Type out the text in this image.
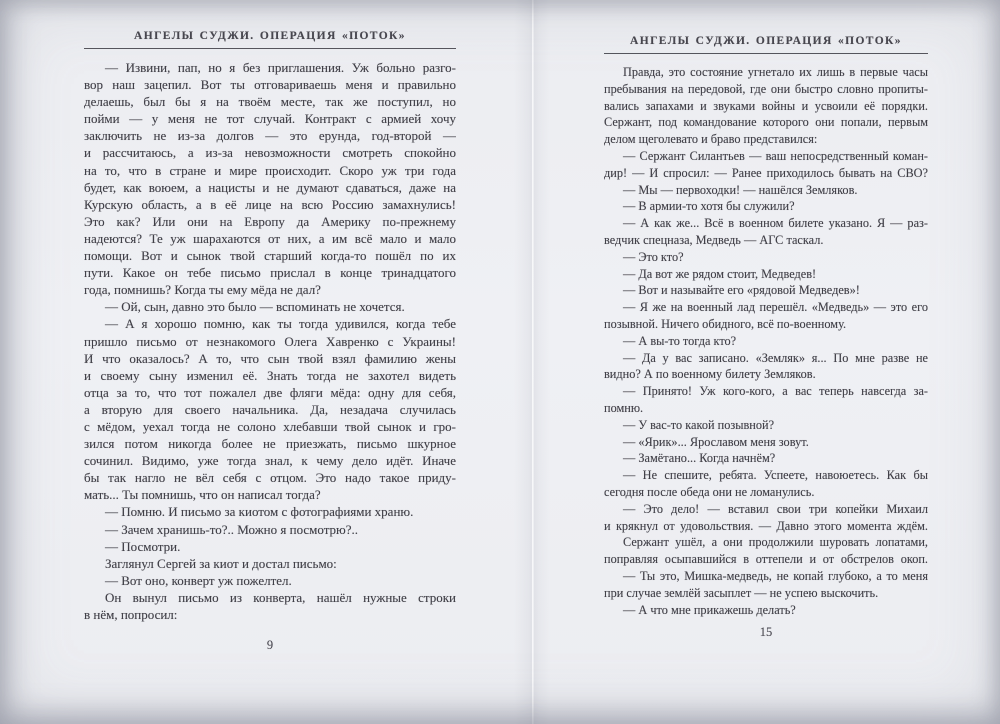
АНГЕЛЫ СУДЖИ. ОПЕРАЦИЯ «ПОТОК»
— Извини, пап, но я без приглашения. Уж больно разго-
вор наш зацепил. Вот ты отговариваешь меня и правильно
делаешь, был бы я на твоём месте, так же поступил, но
пойми — у меня не тот случай. Контракт с армией хочу
заключить не из-за долгов — это ерунда, год-второй —
и рассчитаюсь, а из-за невозможности смотреть спокойно
на то, что в стране и мире происходит. Скоро уж три года
будет, как воюем, а нацисты и не думают сдаваться, даже на
Курскую область, а в её лице на всю Россию замахнулись!
Это как? Или они на Европу да Америку по-прежнему
надеются? Те уж шарахаются от них, а им всё мало и мало
помощи. Вот и сынок твой старший когда-то пошёл по их
пути. Какое он тебе письмо прислал в конце тринадцатого
года, помнишь? Когда ты ему мёда не дал?
— Ой, сын, давно это было — вспоминать не хочется.
— А я хорошо помню, как ты тогда удивился, когда тебе
пришло письмо от незнакомого Олега Хавренко с Украины!
И что оказалось? А то, что сын твой взял фамилию жены
и своему сыну изменил её. Знать тогда не захотел видеть
отца за то, что тот пожалел две фляги мёда: одну для себя,
а вторую для своего начальника. Да, незадача случилась
с мёдом, уехал тогда не солоно хлебавши твой сынок и гро-
зился потом никогда более не приезжать, письмо шкурное
сочинил. Видимо, уже тогда знал, к чему дело идёт. Иначе
бы так нагло не вёл себя с отцом. Это надо такое приду-
мать... Ты помнишь, что он написал тогда?
— Помню. И письмо за киотом с фотографиями храню.
— Зачем хранишь-то?.. Можно я посмотрю?..
— Посмотри.
Заглянул Сергей за киот и достал письмо:
— Вот оно, конверт уж пожелтел.
Он вынул письмо из конверта, нашёл нужные строки
в нём, попросил:
9
АНГЕЛЫ СУДЖИ. ОПЕРАЦИЯ «ПОТОК»
Правда, это состояние угнетало их лишь в первые часы
пребывания на передовой, где они быстро словно пропиты-
вались запахами и звуками войны и усвоили её порядки.
Сержант, под командование которого они попали, первым
делом щеголевато и браво представился:
— Сержант Силантьев — ваш непосредственный коман-
дир! — И спросил: — Ранее приходилось бывать на СВО?
— Мы — первоходки! — нашёлся Земляков.
— В армии-то хотя бы служили?
— А как же... Всё в военном билете указано. Я — раз-
ведчик спецназа, Медведь — АГС таскал.
— Это кто?
— Да вот же рядом стоит, Медведев!
— Вот и называйте его «рядовой Медведев»!
— Я же на военный лад перешёл. «Медведь» — это его
позывной. Ничего обидного, всё по-военному.
— А вы-то тогда кто?
— Да у вас записано. «Земляк» я... По мне разве не
видно? А по военному билету Земляков.
— Принято! Уж кого-кого, а вас теперь навсегда за-
помню.
— У вас-то какой позывной?
— «Ярик»... Ярославом меня зовут.
— Замётано... Когда начнём?
— Не спешите, ребята. Успеете, навоюетесь. Как бы
сегодня после обеда они не ломанулись.
— Это дело! — вставил свои три копейки Михаил
и крякнул от удовольствия. — Давно этого момента ждём.
Сержант ушёл, а они продолжили шуровать лопатами,
поправляя осыпавшийся в оттепели и от обстрелов окоп.
— Ты это, Мишка-медведь, не копай глубоко, а то меня
при случае землёй засыплет — не успею выскочить.
— А что мне прикажешь делать?
15
